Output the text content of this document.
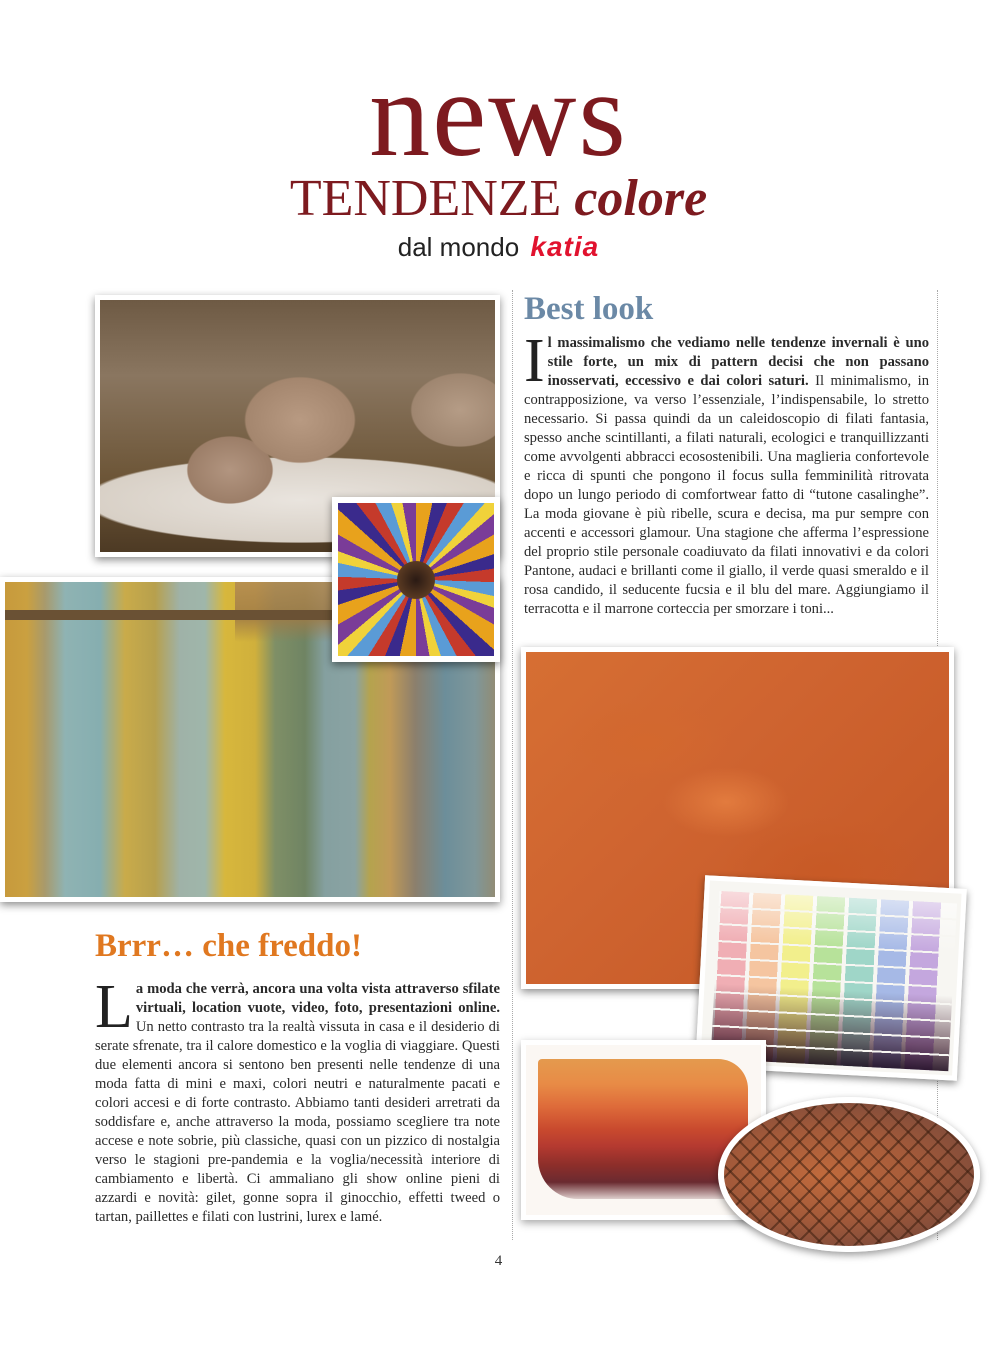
news
TENDENZE colore
dal mondo katia
Best look
Il massimalismo che vediamo nelle tendenze invernali è uno stile forte, un mix di pattern decisi che non passano inosservati, eccessivo e dai colori saturi. Il minimalismo, in contrapposizione, va verso l’essenziale, l’indispensabile, lo stretto necessario. Si passa quindi da un caleidoscopio di filati fantasia, spesso anche scintillanti, a filati naturali, ecologici e tranquillizzanti come avvolgenti abbracci ecosostenibili. Una maglieria confortevole e ricca di spunti che pongono il focus sulla femminilità ritrovata dopo un lungo periodo di comfortwear fatto di “tutone casalinghe”. La moda giovane è più ribelle, scura e decisa, ma pur sempre con accenti e accessori glamour. Una stagione che afferma l’espressione del proprio stile personale coadiuvato da filati innovativi e da colori Pantone, audaci e brillanti come il giallo, il verde quasi smeraldo e il rosa candido, il seducente fucsia e il blu del mare. Aggiungiamo il terracotta e il marrone corteccia per smorzare i toni...
Brrr… che freddo!
La moda che verrà, ancora una volta vista attraverso sfilate virtuali, location vuote, video, foto, presentazioni online. Un netto contrasto tra la realtà vissuta in casa e il desiderio di serate sfrenate, tra il calore domestico e la voglia di viaggiare. Questi due elementi ancora si sentono ben presenti nelle tendenze di una moda fatta di mini e maxi, colori neutri e naturalmente pacati e colori accesi e di forte contrasto. Abbiamo tanti desideri arretrati da soddisfare e, anche attraverso la moda, possiamo scegliere tra note accese e note sobrie, più classiche, quasi con un pizzico di nostalgia verso le stagioni pre-pandemia e la voglia/necessità interiore di cambiamento e libertà. Ci ammaliano gli show online pieni di azzardi e novità: gilet, gonne sopra il ginocchio, effetti tweed o tartan, paillettes e filati con lustrini, lurex e lamé.
4
